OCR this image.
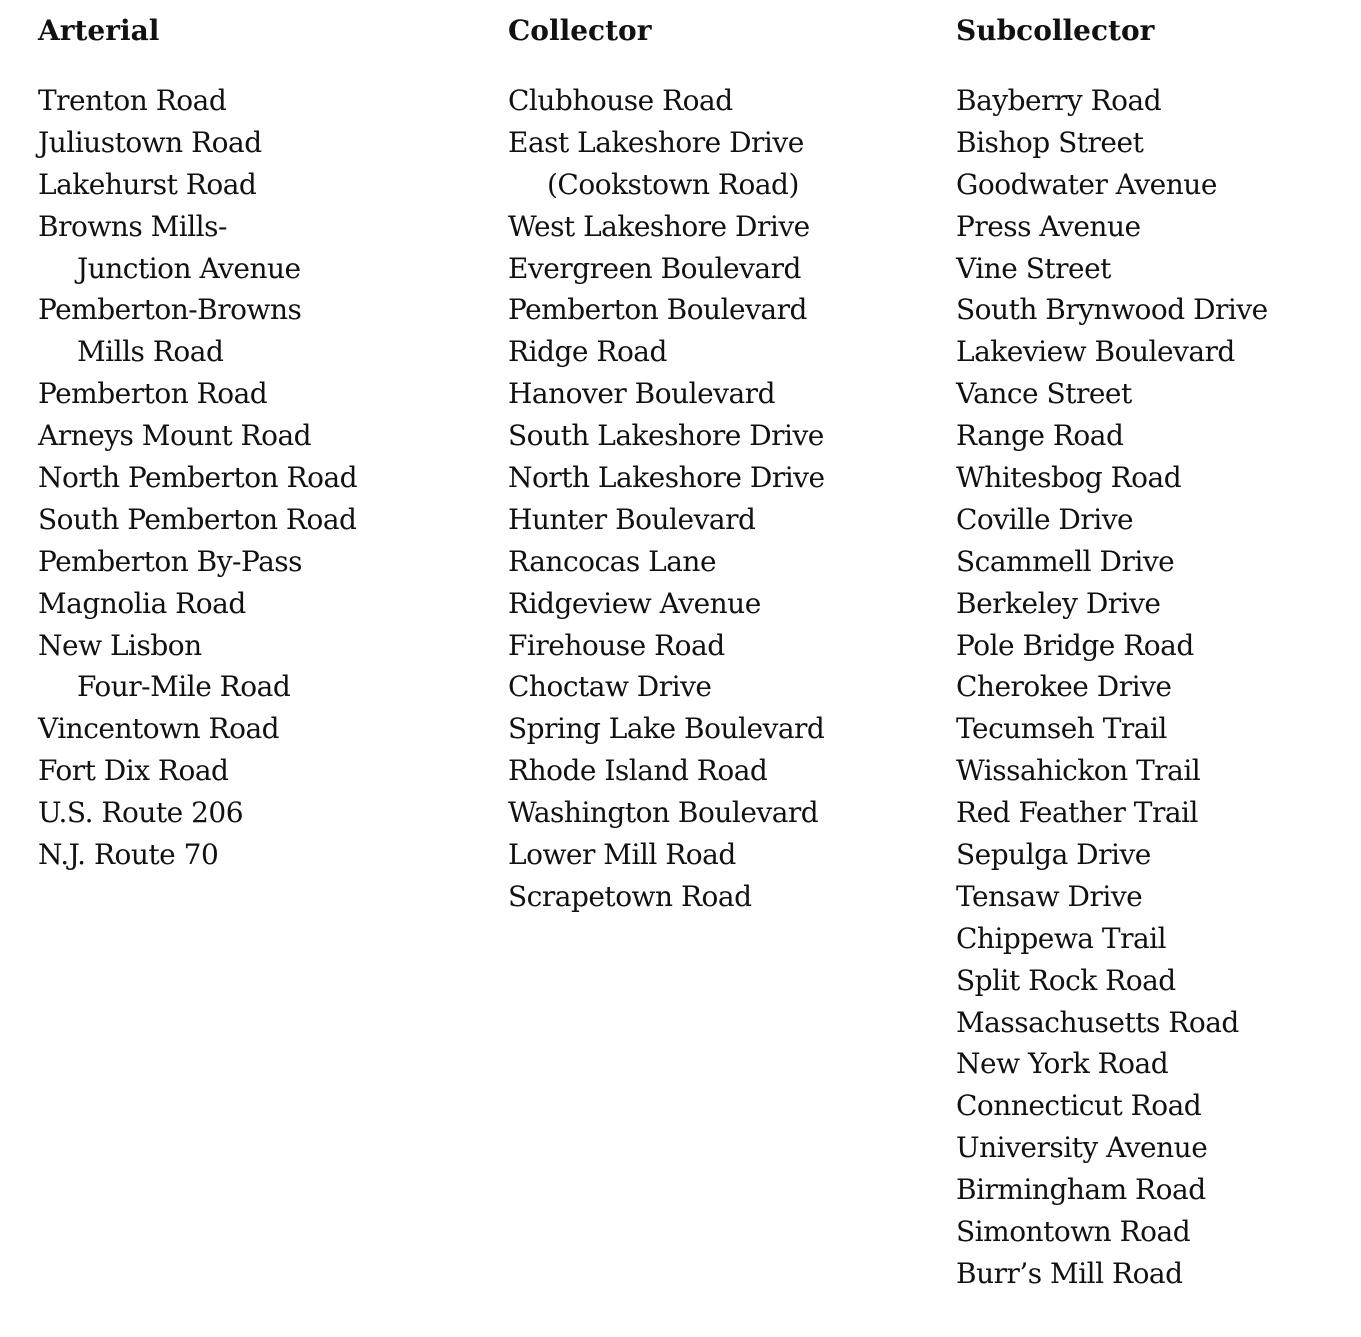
Arterial
Trenton Road
Juliustown Road
Lakehurst Road
Browns Mills-
Junction Avenue
Pemberton-Browns
Mills Road
Pemberton Road
Arneys Mount Road
North Pemberton Road
South Pemberton Road
Pemberton By-Pass
Magnolia Road
New Lisbon
Four-Mile Road
Vincentown Road
Fort Dix Road
U.S. Route 206
N.J. Route 70
Collector
Clubhouse Road
East Lakeshore Drive
(Cookstown Road)
West Lakeshore Drive
Evergreen Boulevard
Pemberton Boulevard
Ridge Road
Hanover Boulevard
South Lakeshore Drive
North Lakeshore Drive
Hunter Boulevard
Rancocas Lane
Ridgeview Avenue
Firehouse Road
Choctaw Drive
Spring Lake Boulevard
Rhode Island Road
Washington Boulevard
Lower Mill Road
Scrapetown Road
Subcollector
Bayberry Road
Bishop Street
Goodwater Avenue
Press Avenue
Vine Street
South Brynwood Drive
Lakeview Boulevard
Vance Street
Range Road
Whitesbog Road
Coville Drive
Scammell Drive
Berkeley Drive
Pole Bridge Road
Cherokee Drive
Tecumseh Trail
Wissahickon Trail
Red Feather Trail
Sepulga Drive
Tensaw Drive
Chippewa Trail
Split Rock Road
Massachusetts Road
New York Road
Connecticut Road
University Avenue
Birmingham Road
Simontown Road
Burr’s Mill Road
